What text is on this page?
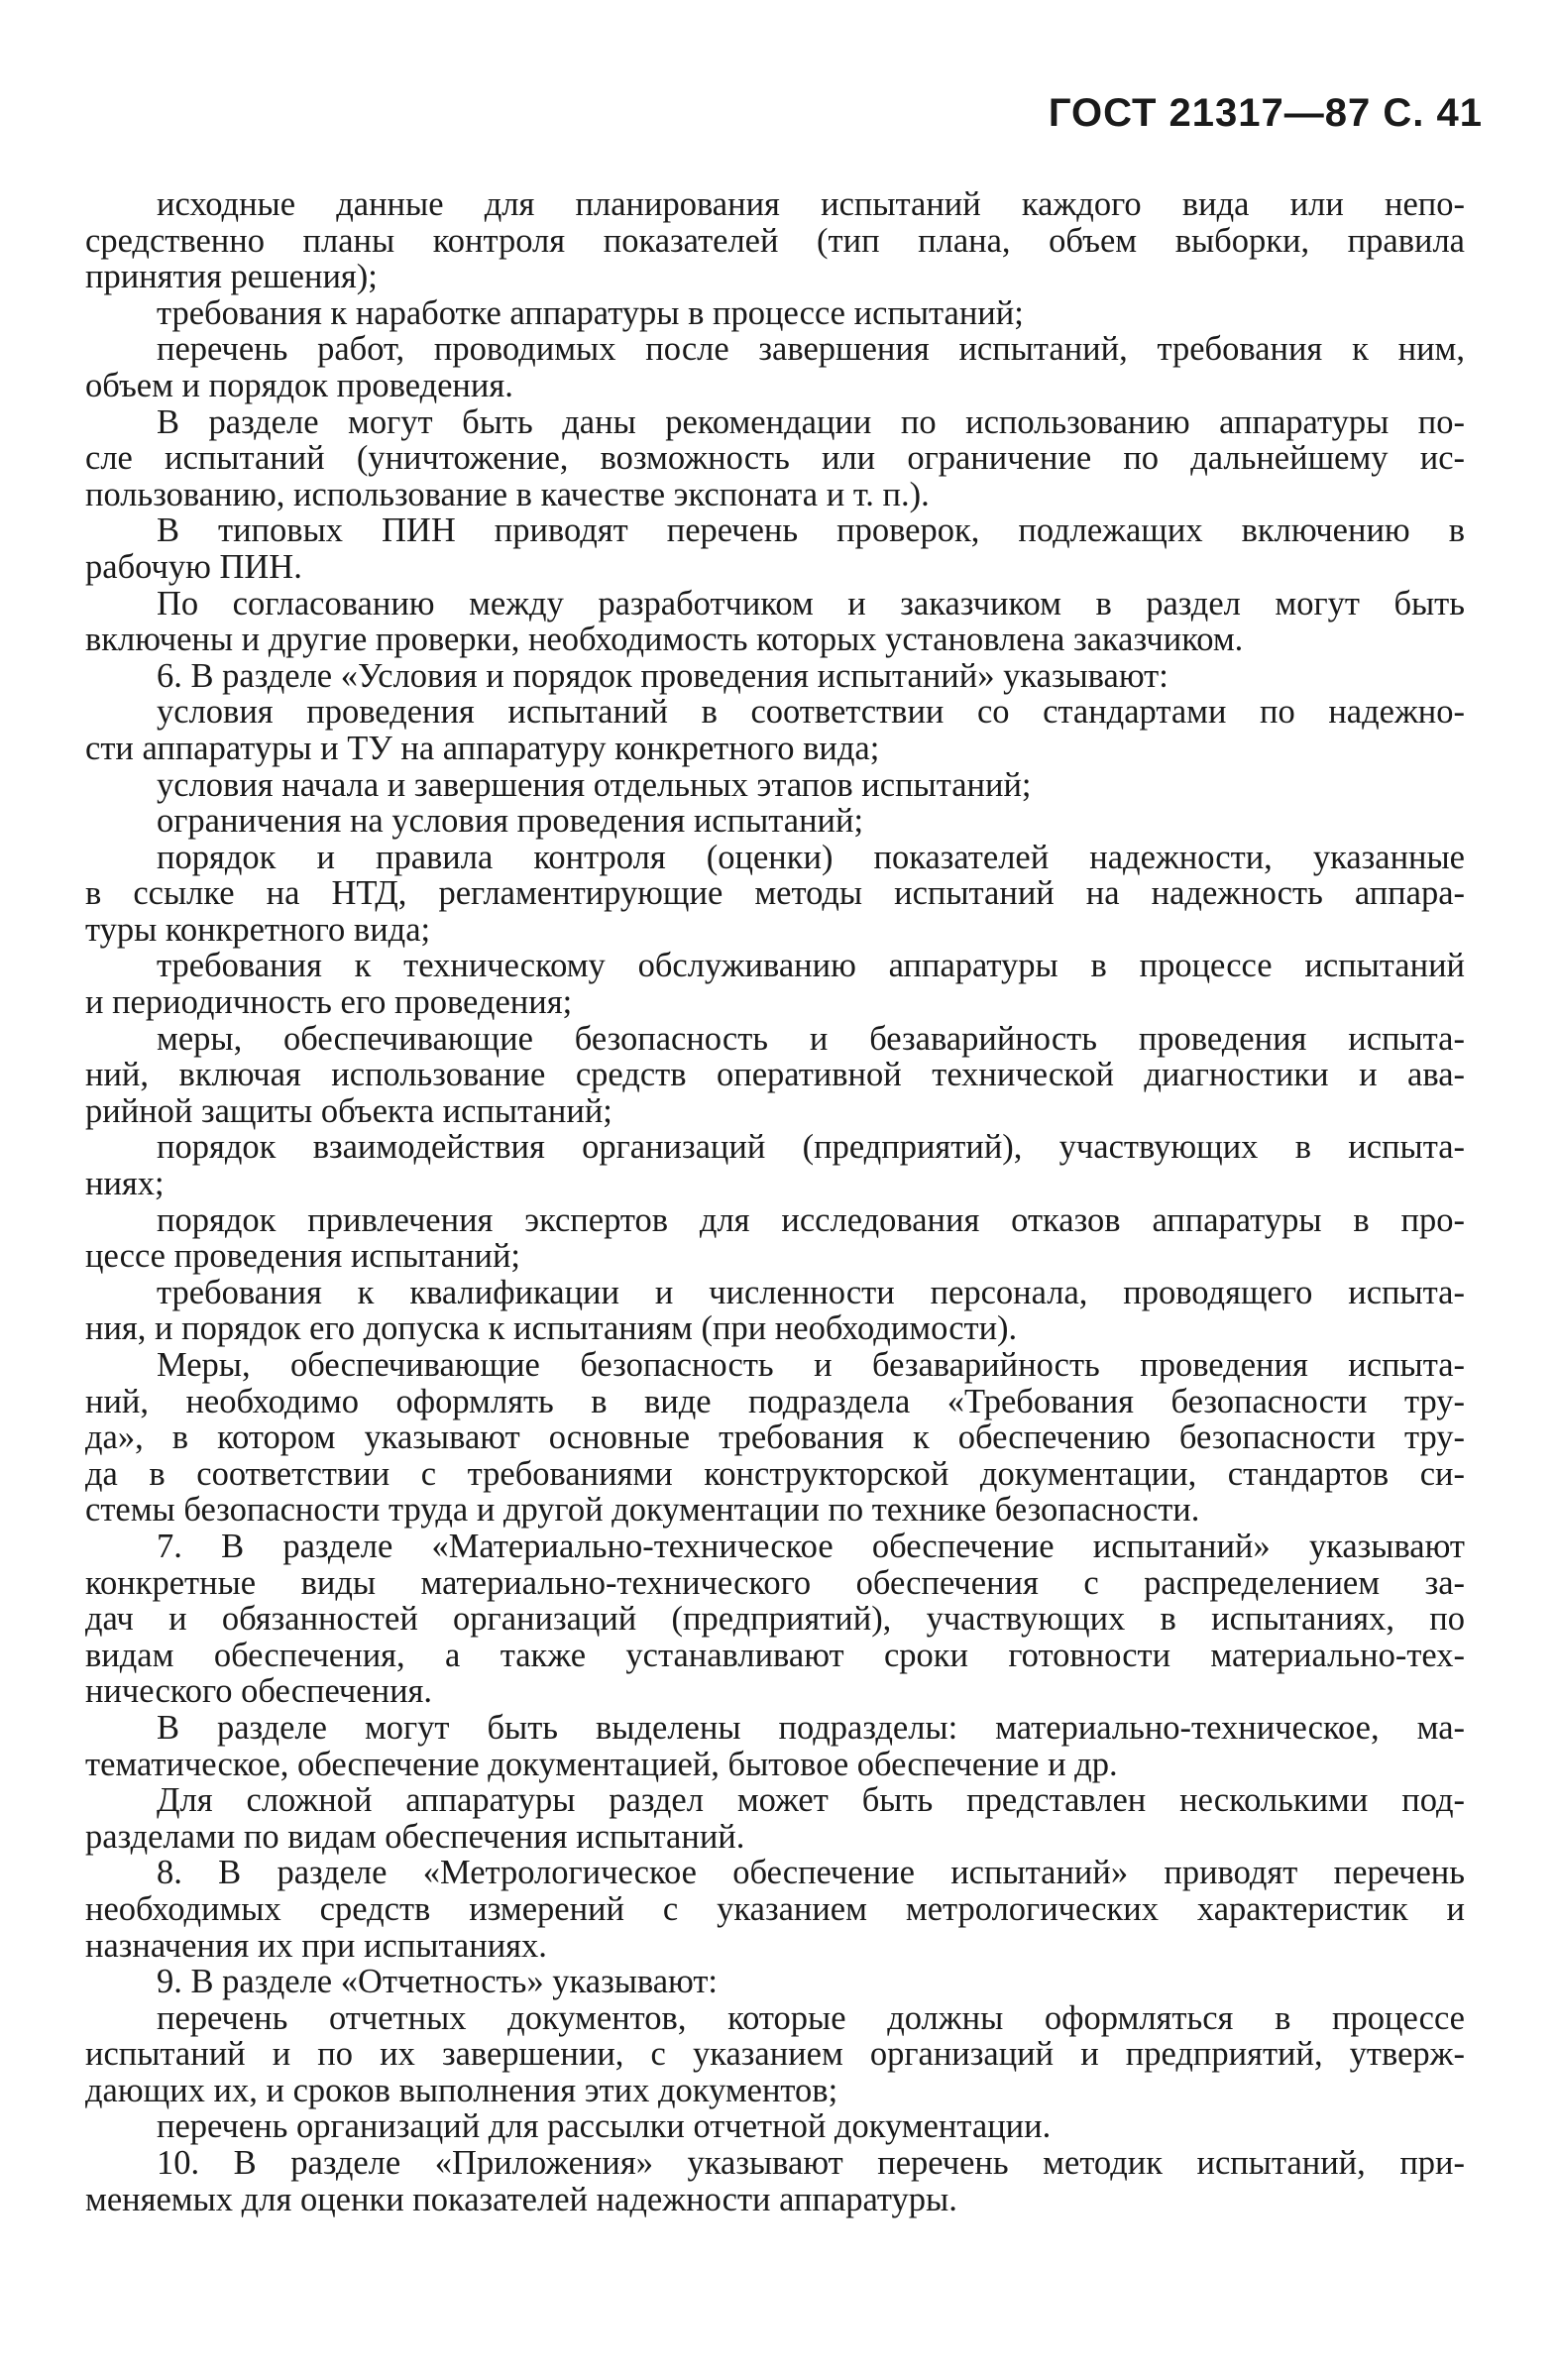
ГОСТ 21317—87 С. 41
исходные данные для планирования испытаний каждого вида или непо-
средственно планы контроля показателей (тип плана, объем выборки, правила
принятия решения);
требования к наработке аппаратуры в процессе испытаний;
перечень работ, проводимых после завершения испытаний, требования к ним,
объем и порядок проведения.
В разделе могут быть даны рекомендации по использованию аппаратуры по-
сле испытаний (уничтожение, возможность или ограничение по дальнейшему ис-
пользованию, использование в качестве экспоната и т. п.).
В типовых ПИН приводят перечень проверок, подлежащих включению в
рабочую ПИН.
По согласованию между разработчиком и заказчиком в раздел могут быть
включены и другие проверки, необходимость которых установлена заказчиком.
6. В разделе «Условия и порядок проведения испытаний» указывают:
условия проведения испытаний в соответствии со стандартами по надежно-
сти аппаратуры и ТУ на аппаратуру конкретного вида;
условия начала и завершения отдельных этапов испытаний;
ограничения на условия проведения испытаний;
порядок и правила контроля (оценки) показателей надежности, указанные
в ссылке на НТД, регламентирующие методы испытаний на надежность аппара-
туры конкретного вида;
требования к техническому обслуживанию аппаратуры в процессе испытаний
и периодичность его проведения;
меры, обеспечивающие безопасность и безаварийность проведения испыта-
ний, включая использование средств оперативной технической диагностики и ава-
рийной защиты объекта испытаний;
порядок взаимодействия организаций (предприятий), участвующих в испыта-
ниях;
порядок привлечения экспертов для исследования отказов аппаратуры в про-
цессе проведения испытаний;
требования к квалификации и численности персонала, проводящего испыта-
ния, и порядок его допуска к испытаниям (при необходимости).
Меры, обеспечивающие безопасность и безаварийность проведения испыта-
ний, необходимо оформлять в виде подраздела «Требования безопасности тру-
да», в котором указывают основные требования к обеспечению безопасности тру-
да в соответствии с требованиями конструкторской документации, стандартов си-
стемы безопасности труда и другой документации по технике безопасности.
7. В разделе «Материально-техническое обеспечение испытаний» указывают
конкретные виды материально-технического обеспечения с распределением за-
дач и обязанностей организаций (предприятий), участвующих в испытаниях, по
видам обеспечения, а также устанавливают сроки готовности материально-тех-
нического обеспечения.
В разделе могут быть выделены подразделы: материально-техническое, ма-
тематическое, обеспечение документацией, бытовое обеспечение и др.
Для сложной аппаратуры раздел может быть представлен несколькими под-
разделами по видам обеспечения испытаний.
8. В разделе «Метрологическое обеспечение испытаний» приводят перечень
необходимых средств измерений с указанием метрологических характеристик и
назначения их при испытаниях.
9. В разделе «Отчетность» указывают:
перечень отчетных документов, которые должны оформляться в процессе
испытаний и по их завершении, с указанием организаций и предприятий, утверж-
дающих их, и сроков выполнения этих документов;
перечень организаций для рассылки отчетной документации.
10. В разделе «Приложения» указывают перечень методик испытаний, при-
меняемых для оценки показателей надежности аппаратуры.
